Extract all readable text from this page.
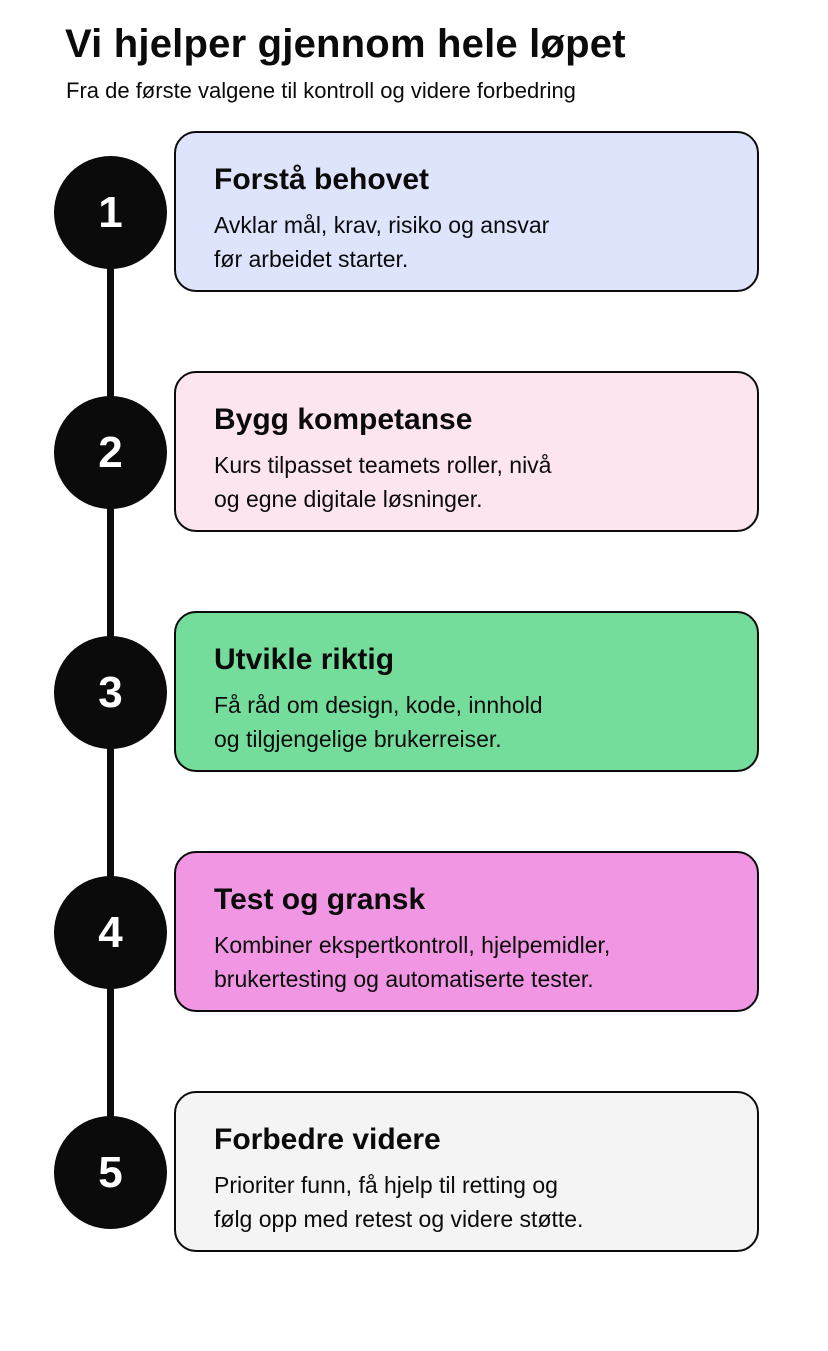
Vi hjelper gjennom hele løpet

Fra de første valgene til kontroll og videre forbedring

1
Forstå behovet
Avklar mål, krav, risiko og ansvar
før arbeidet starter.
2
Bygg kompetanse
Kurs tilpasset teamets roller, nivå
og egne digitale løsninger.
3
Utvikle riktig
Få råd om design, kode, innhold
og tilgjengelige brukerreiser.
4
Test og gransk
Kombiner ekspertkontroll, hjelpemidler,
brukertesting og automatiserte tester.
5
Forbedre videre
Prioriter funn, få hjelp til retting og
følg opp med retest og videre støtte.
